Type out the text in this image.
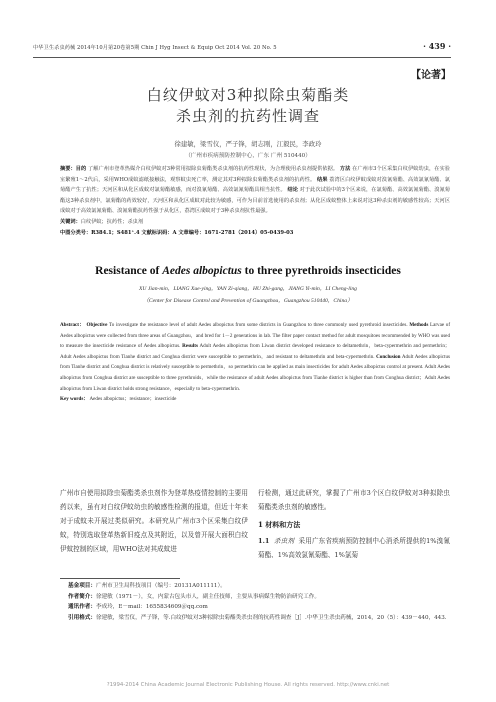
中华卫生杀虫药械 2014年10月第20卷第5期 Chin J Hyg Insect & Equip Oct 2014 Vol. 20 No. 5	· 439 ·
【论著】
白纹伊蚊对3种拟除虫菊酯类
杀虫剂的抗药性调查
徐建敏，梁雪仪，严子锋，胡志刚，江毅民，李政玲
（广州市疾病预防控制中心，广东 广州 510440）
摘要：目的 了解广州市登革热媒介白纹伊蚊对3种常用拟除虫菊酯类杀虫剂的抗药性现状，为合理使用杀虫剂提供依据。 方法 在广州市3个区采集白纹伊蚊幼虫，在实验室繁殖1～2代后，采用WHO成蚊滤纸接触法，观察蚊虫死亡率，测定其对3种拟除虫菊酯类杀虫剂的抗药性。 结果 荔湾区白纹伊蚊成蚊对溴氰菊酯、高效氯氰菊酯、氯菊酯产生了抗性；天河区和从化区成蚊对氯菊酯敏感，而对溴氰菊酯、高效氯氰菊酯具相当抗性。 结论 对于此次试验中的3个区来说，在氯菊酯、高效氯氰菊酯、溴氰菊酯这3种杀虫剂中，氯菊酯的药效较好，天河区和从化区成蚊对此较为敏感，可作为目前首选使用的杀虫剂；从化区成蚊整体上来说对这3种杀虫剂的敏感性较高；天河区成蚊对于高效氯氰菊酯、溴氰菊酯抗药性强于从化区，荔湾区成蚊对于3种杀虫剂抗性最强。
关键词：白纹伊蚊；抗药性；杀虫剂
中图分类号：R384.1；S481⁺.4 文献标识码：A 文章编号：1671-2781（2014）05-0439-03
Resistance of Aedes albopictus to three pyrethroids insecticides
XU Jian-min，LIANG Xue-ying，YAN Zi-qiang，HU Zhi-gang，JIANG Yi-min，LI Cheng-ling
（Center for Disease Control and Prevention of Guangzhou，Guangzhou 510440，China）
Abstract： Objective To investigate the resistance level of adult Aedes albopictus from some districts in Guangzhou to three commonly used pyrethroid insecticides. Methods Larvae of Aedes albopictus were collected from three areas of Guangzhou，and bred for 1－2 generations in lab. The filter paper contact method for adult mosquitoes recommended by WHO was used to measure the insecticide resistance of Aedes albopictus. Results Adult Aedes albopictus from Liwan district developed resistance to deltamethrin，beta-cypermethrin and permethrin；Adult Aedes albopictus from Tianhe district and Conghua district were susceptible to permethrin，and resistant to deltamethrin and beta-cypermethrin. Conclusion Adult Aedes albopictus from Tianhe district and Conghua district is relatively susceptible to permethrin，so permethrin can be applied as main insecticides for adult Aedes albopictus control at present. Adult Aedes albopictus from Conghua district are susceptible to three pyrethroids，while the resistance of adult Aedes albopictus from Tianhe district is higher than from Conghua district；Adult Aedes albopictus from Liwan district holds strong resistance，especially to beta-cypermethrin.
Key words： Aedes albopictus；resistance；insecticide
广州市自使用拟除虫菊酯类杀虫剂作为登革热疫情控制的主要用药以来，虽有对白纹伊蚊幼虫的敏感性检测的报道，但近十年来对于成蚊未开展过类似研究。本研究从广州市3个区采集白纹伊蚊，特别选取登革热新旧疫点及其附近，以及曾开展大面积白纹伊蚊控制的区域，用WHO法对其成蚊进
行检测，通过此研究，掌握了广州市3个区白纹伊蚊对3种拟除虫菊酯类杀虫剂的敏感性。
1 材料和方法
1.1 杀虫剂 采用广东省疾病预防控制中心消杀所提供的1%溴氰菊酯、1%高效氯氰菊酯、1%氯菊
基金项目：广州市卫生局科技项目（编号：20131A011111）。
作者简介：徐建敏（1971－），女，内蒙古包头市人，副主任技师，主要从事病媒生物防治研究工作。
通讯作者：李成玲，E－mail：1655834609＠qq.com
引用格式：徐建敏，梁雪仪，严子锋，等.白纹伊蚊对3种拟除虫菊酯类杀虫剂的抗药性调查［J］.中华卫生杀虫药械，2014，20（5）：439－440，443.
?1994-2014 China Academic Journal Electronic Publishing House. All rights reserved. http://www.cnki.net
